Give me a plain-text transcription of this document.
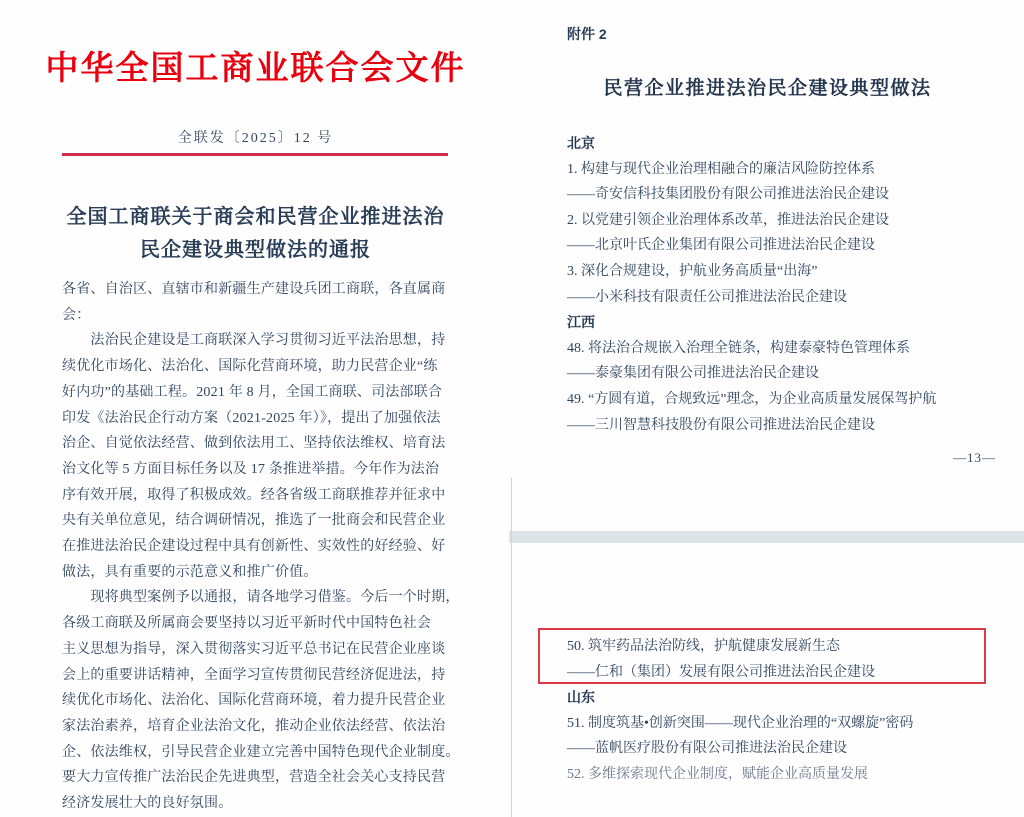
中华全国工商业联合会文件
全联发〔2025〕12 号
全国工商联关于商会和民营企业推进法治
民企建设典型做法的通报
各省、自治区、直辖市和新疆生产建设兵团工商联，各直属商
会：
　　法治民企建设是工商联深入学习贯彻习近平法治思想，持
续优化市场化、法治化、国际化营商环境，助力民营企业“练
好内功”的基础工程。2021 年 8 月，全国工商联、司法部联合
印发《法治民企行动方案（2021-2025 年）》，提出了加强依法
治企、自觉依法经营、做到依法用工、坚持依法维权、培育法
治文化等 5 方面目标任务以及 17 条推进举措。今年作为法治
序有效开展，取得了积极成效。经各省级工商联推荐并征求中
央有关单位意见，结合调研情况，推选了一批商会和民营企业
在推进法治民企建设过程中具有创新性、实效性的好经验、好
做法，具有重要的示范意义和推广价值。
　　现将典型案例予以通报，请各地学习借鉴。今后一个时期，
各级工商联及所属商会要坚持以习近平新时代中国特色社会
主义思想为指导，深入贯彻落实习近平总书记在民营企业座谈
会上的重要讲话精神，全面学习宣传贯彻民营经济促进法，持
续优化市场化、法治化、国际化营商环境，着力提升民营企业
家法治素养，培育企业法治文化，推动企业依法经营、依法治
企、依法维权，引导民营企业建立完善中国特色现代企业制度。
要大力宣传推广法治民企先进典型，营造全社会关心支持民营
经济发展壮大的良好氛围。
附件 2
民营企业推进法治民企建设典型做法
北京
1. 构建与现代企业治理相融合的廉洁风险防控体系
——奇安信科技集团股份有限公司推进法治民企建设
2. 以党建引领企业治理体系改革，推进法治民企建设
——北京叶氏企业集团有限公司推进法治民企建设
3. 深化合规建设，护航业务高质量“出海”
——小米科技有限责任公司推进法治民企建设
江西
48. 将法治合规嵌入治理全链条，构建泰豪特色管理体系
——泰豪集团有限公司推进法治民企建设
49. “方圆有道，合规致远”理念，为企业高质量发展保驾护航
——三川智慧科技股份有限公司推进法治民企建设
—13—
50. 筑牢药品法治防线，护航健康发展新生态
——仁和（集团）发展有限公司推进法治民企建设
山东
51. 制度筑基•创新突围——现代企业治理的“双螺旋”密码
——蓝帆医疗股份有限公司推进法治民企建设
52. 多维探索现代企业制度，赋能企业高质量发展
